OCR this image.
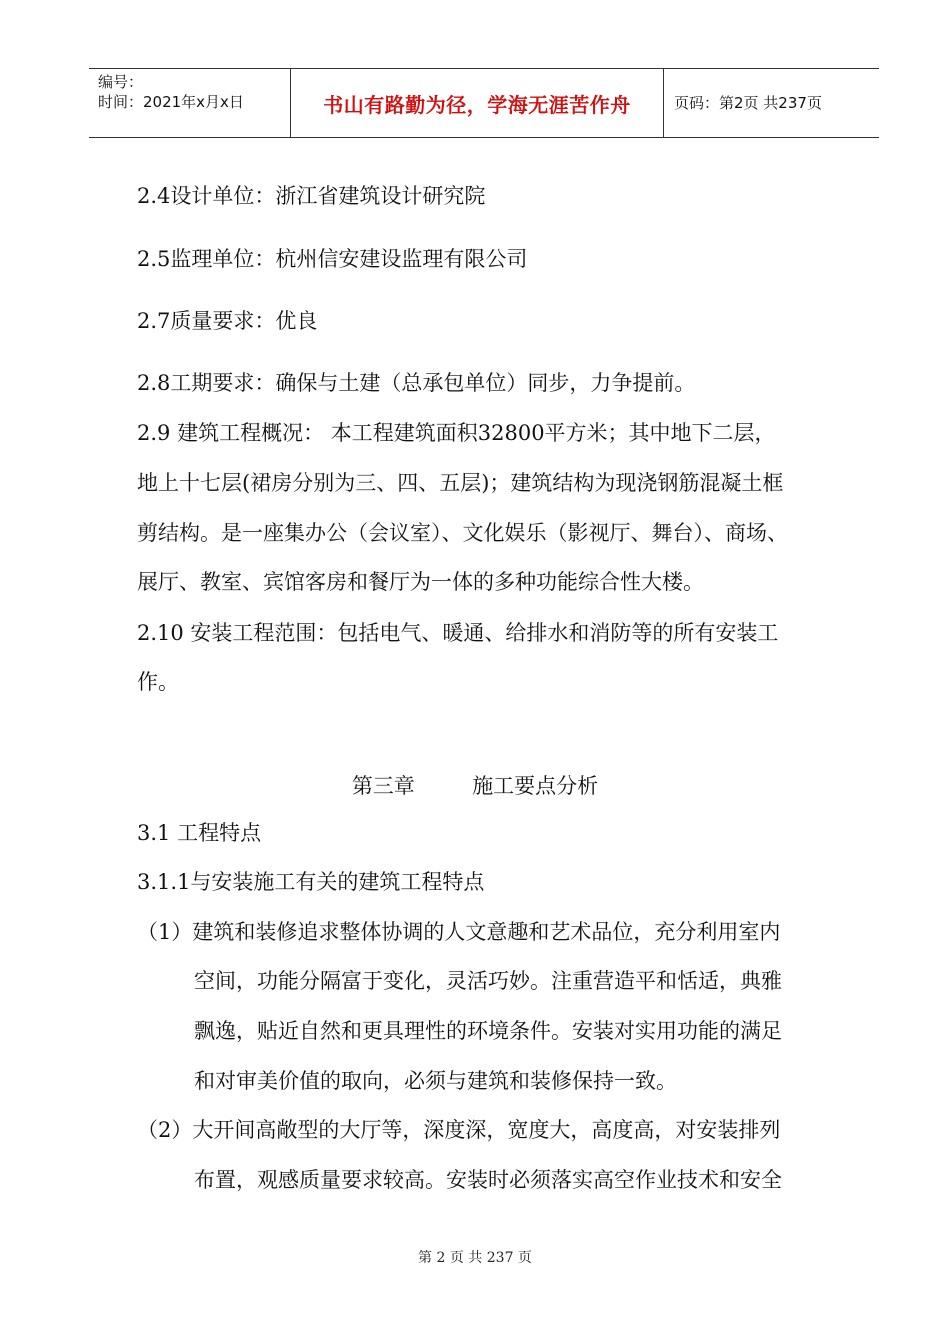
编号：
时间：2021年x月x日	书山有路勤为径，学海无涯苦作舟	页码：第2页 共237页
2.4设计单位：浙江省建筑设计研究院
2.5监理单位：杭州信安建设监理有限公司
2.7质量要求：优良
2.8工期要求：确保与土建（总承包单位）同步，力争提前。
2.9 建筑工程概况： 本工程建筑面积32800平方米；其中地下二层，
地上十七层(裙房分别为三、四、五层)；建筑结构为现浇钢筋混凝土框
剪结构。是一座集办公（会议室）、文化娱乐（影视厅、舞台）、商场、
展厅、教室、宾馆客房和餐厅为一体的多种功能综合性大楼。
2.10 安装工程范围：包括电气、暖通、给排水和消防等的所有安装工
作。
第三章	施工要点分析
3.1 工程特点
3.1.1与安装施工有关的建筑工程特点
（1）建筑和装修追求整体协调的人文意趣和艺术品位，充分利用室内
空间，功能分隔富于变化，灵活巧妙。注重营造平和恬适，典雅
飘逸，贴近自然和更具理性的环境条件。安装对实用功能的满足
和对审美价值的取向，必须与建筑和装修保持一致。
（2）大开间高敞型的大厅等，深度深，宽度大，高度高，对安装排列
布置，观感质量要求较高。安装时必须落实高空作业技术和安全
第 2 页 共 237 页
